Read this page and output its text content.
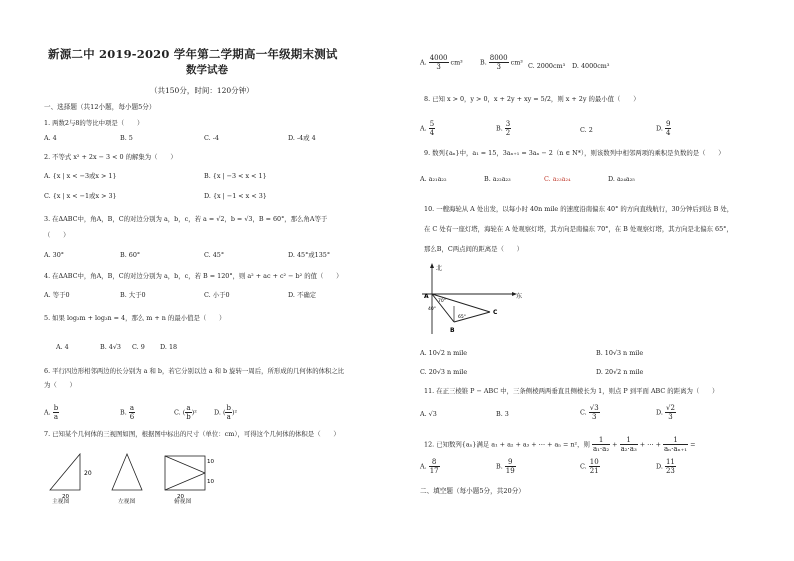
新源二中 2019-2020 学年第二学期高一年级期末测试
数学试卷
（共150分，时间：120分钟）
一、选择题（共12小题，每小题5分）
1. 两数2与8的等比中项是（　　）
A. 4	B. 5	C. -4	D. -4或 4
2. 不等式 x² + 2x − 3 < 0 的解集为（　　）
A. {x | x < −3或x > 1}	B. {x | −3 < x < 1}
C. {x | x < −1或x > 3}	D. {x | −1 < x < 3}
3. 在ΔABC中，角A，B，C的对边分别为 a，b，c，若 a = √2，b = √3，B = 60°，那么角A等于
（　　）
A. 30°	B. 60°	C. 45°	D. 45°或135°
4. 在ΔABC中，角A，B，C的对边分别为 a，b，c，若 B = 120°，则 a² + ac + c² − b² 的值（　　）
A. 等于0	B. 大于0	C. 小于0	D. 不确定
5. 如果 log₃m + log₃n = 4，那么 m + n 的最小值是（　　）
A. 4	B. 4√3 C. 9 D. 18
6. 平行四边形相邻两边的长分别为 a 和 b，若它分别以边 a 和 b 旋转一周后，所形成的几何体的体积之比
为（　　）
A. $\frac{b}{a}$	B. $\frac{a}{6}$	C. ( $\frac{a}{b} )^2$	D. ( $\frac{b}{a} )^2$
7. 已知某个几何体的三视图如图，根据图中标出的尺寸（单位：cm），可得这个几何体的体积是（　　）
20
20
10
10
20
主视图	左视图	俯视图
A. $\frac{4000}{3} cm^3$	B. $\frac{8000}{3} cm^3$ C. 2000cm³ D. 4000cm³
8. 已知 x > 0，y > 0，x + 2y + xy = 5/2，则 x + 2y 的最小值（　　）
A. $\frac{5}{4}$	B. $\frac{3}{2}$	C. 2	D. $\frac{9}{4}$
9. 数列{aₙ}中，a₁ = 15，3aₙ₊₁ = 3aₙ − 2（n ∈ N*），则该数列中相邻两项的乘积是负数的是（　　）
A. a₂₁a₂₂	B. a₂₂a₂₃	C. a₂₃a₂₄	D. a₂₄a₂₅
10. 一艘海轮从 A 处出发，以每小时 40n mile 的速度沿南偏东 40° 的方向直线航行，30分钟后到达 B 处，
在 C 处有一座灯塔，海轮在 A 处观察灯塔，其方向是南偏东 70°，在 B 处观察灯塔，其方向是北偏东 65°，
那么B，C两点间的距离是（　　）
北
东
A
B
C
70°
40°
65°
A. 10√2 n mile	B. 10√3 n mile
C. 20√3 n mile	D. 20√2 n mile
11. 在正三棱锥 P − ABC 中，三条侧棱两两垂直且侧棱长为 1，则点 P 到平面 ABC 的距离为（　　）
A. √3	B. 3	C. $\frac{√3}{3}$	D. $\frac{√2}{3}$
12. 已知数列{aₙ}满足 a₁ + a₂ + a₃ + ⋯ + aₙ = n²，则 $\frac{1}{\text{a₁·a₂}} + \frac{1}{\text{a₂·a₃}}$ + ⋯ + $\frac{1}{\text{aₙ·aₙ₊₁}}$ =
A. $\frac{8}{17}$	B. $\frac{9}{19}$	C. $\frac{10}{21}$	D. $\frac{11}{23}$
二、填空题（每小题5分，共20分）
